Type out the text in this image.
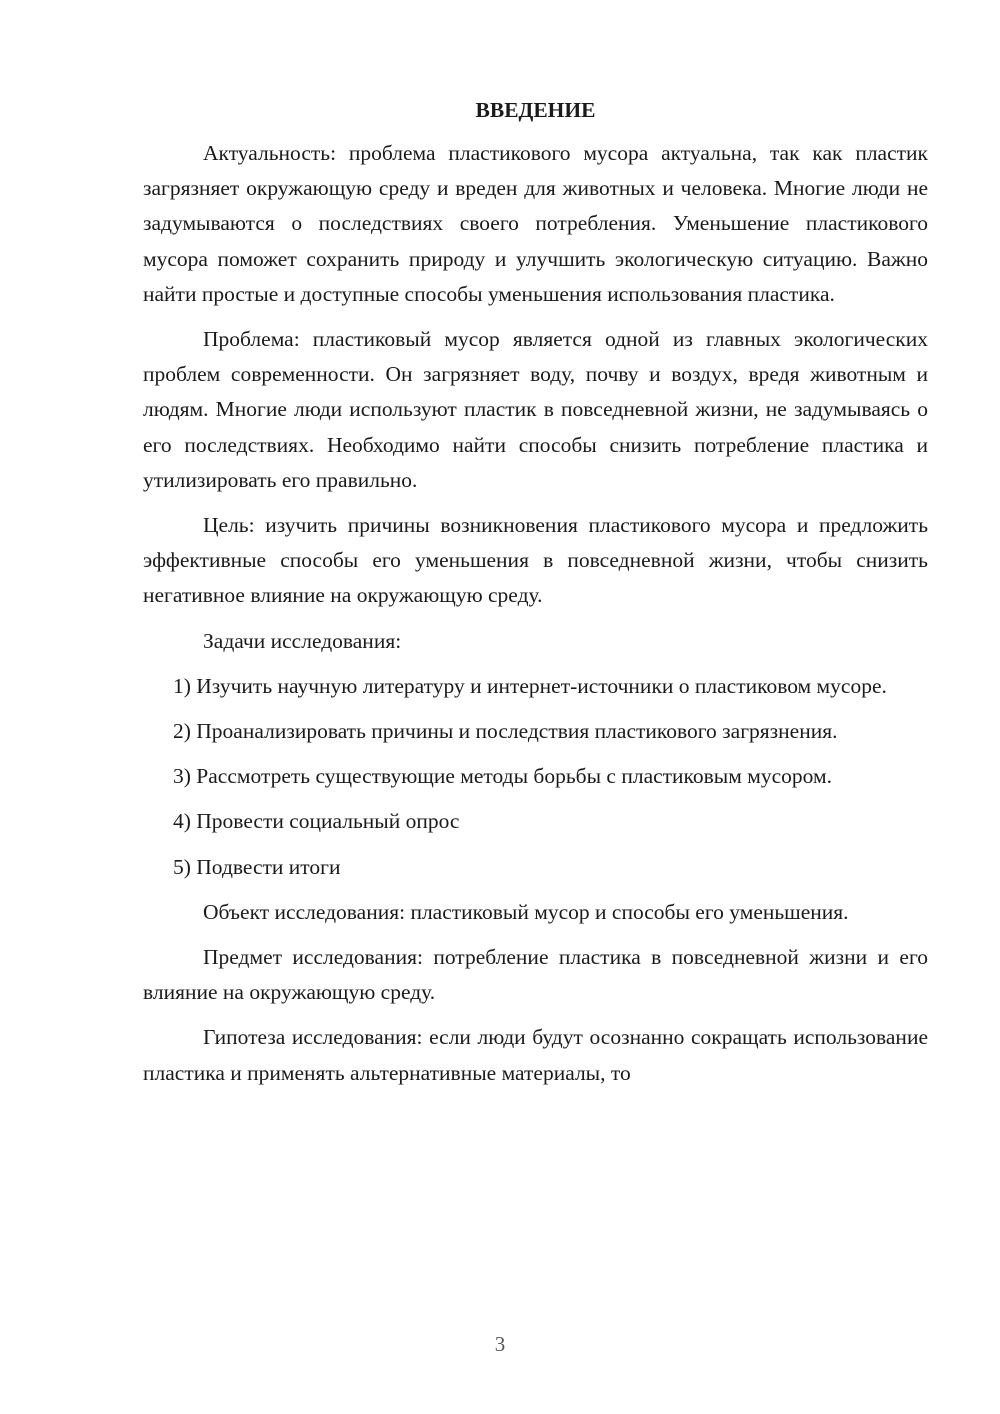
ВВЕДЕНИЕ

Актуальность: проблема пластикового мусора актуальна, так как пластик загрязняет окружающую среду и вреден для животных и человека. Многие люди не задумываются о последствиях своего потребления. Уменьшение пластикового мусора поможет сохранить природу и улучшить экологическую ситуацию. Важно найти простые и доступные способы уменьшения использования пластика.

Проблема: пластиковый мусор является одной из главных экологических проблем современности. Он загрязняет воду, почву и воздух, вредя животным и людям. Многие люди используют пластик в повседневной жизни, не задумываясь о его последствиях. Необходимо найти способы снизить потребление пластика и утилизировать его правильно.

Цель: изучить причины возникновения пластикового мусора и предложить эффективные способы его уменьшения в повседневной жизни, чтобы снизить негативное влияние на окружающую среду.

Задачи исследования:

1) Изучить научную литературу и интернет-источники о пластиковом мусоре.

2) Проанализировать причины и последствия пластикового загрязнения.

3) Рассмотреть существующие методы борьбы с пластиковым мусором.

4) Провести социальный опрос

5) Подвести итоги

Объект исследования: пластиковый мусор и способы его уменьшения.

Предмет исследования: потребление пластика в повседневной жизни и его влияние на окружающую среду.

Гипотеза исследования: если люди будут осознанно сокращать использование пластика и применять альтернативные материалы, то

3
